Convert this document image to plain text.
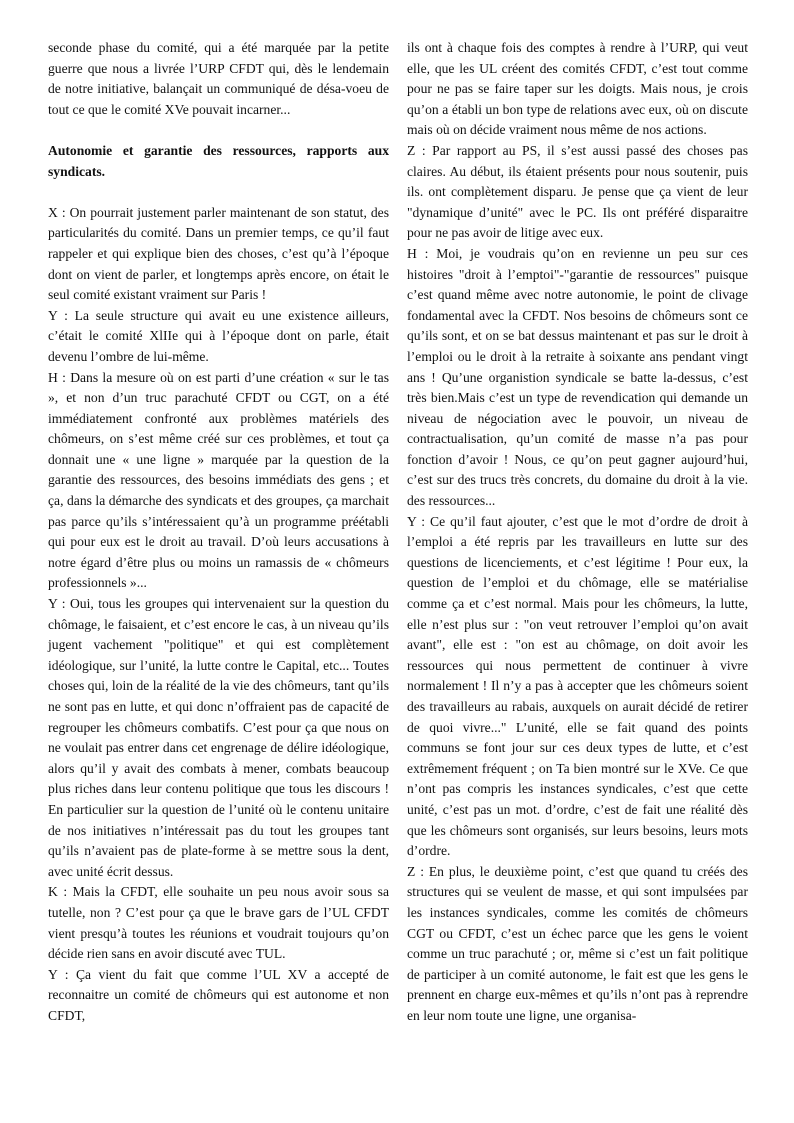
seconde phase du comité, qui a été marquée par la petite guerre que nous a livrée l’URP CFDT qui, dès le lendemain de notre initiative, balançait un communiqué de désa-voeu de tout ce que le comité XVe pouvait incarner...

Autonomie et garantie des ressources, rapports aux syndicats.

X : On pourrait justement parler maintenant de son statut, des particularités du comité. Dans un premier temps, ce qu’il faut rappeler et qui explique bien des choses, c’est qu’à l’époque dont on vient de parler, et longtemps après encore, on était le seul comité existant vraiment sur Paris !

Y : La seule structure qui avait eu une existence ailleurs, c’était le comité XlIIe qui à l’époque dont on parle, était devenu l’ombre de lui-même.

H : Dans la mesure où on est parti d’une création « sur le tas », et non d’un truc parachuté CFDT ou CGT, on a été immédiatement confronté aux problèmes matériels des chômeurs, on s’est même créé sur ces problèmes, et tout ça donnait une « une ligne » marquée par la question de la garantie des ressources, des besoins immédiats des gens ; et ça, dans la démarche des syndicats et des groupes, ça marchait pas parce qu’ils s’intéressaient qu’à un programme préétabli qui pour eux est le droit au travail. D’où leurs accusations à notre égard d’être plus ou moins un ramassis de « chômeurs professionnels »...

Y : Oui, tous les groupes qui intervenaient sur la question du chômage, le faisaient, et c’est encore le cas, à un niveau qu’ils jugent vachement "politique" et qui est complètement idéologique, sur l’unité, la lutte contre le Capital, etc... Toutes choses qui, loin de la réalité de la vie des chômeurs, tant qu’ils ne sont pas en lutte, et qui donc n’offraient pas de capacité de regrouper les chômeurs combatifs. C’est pour ça que nous on ne voulait pas entrer dans cet engrenage de délire idéologique, alors qu’il y avait des combats à mener, combats beaucoup plus riches dans leur contenu politique que tous les discours ! En particulier sur la question de l’unité où le contenu unitaire de nos initiatives n’intéressait pas du tout les groupes tant qu’ils n’avaient pas de plate-forme à se mettre sous la dent, avec unité écrit dessus.

K : Mais la CFDT, elle souhaite un peu nous avoir sous sa tutelle, non ? C’est pour ça que le brave gars de l’UL CFDT vient presqu’à toutes les réunions et voudrait toujours qu’on décide rien sans en avoir discuté avec TUL.

Y : Ça vient du fait que comme l’UL XV a accepté de reconnaitre un comité de chômeurs qui est autonome et non CFDT,

ils ont à chaque fois des comptes à rendre à l’URP, qui veut elle, que les UL créent des comités CFDT, c’est tout comme pour ne pas se faire taper sur les doigts. Mais nous, je crois qu’on a établi un bon type de relations avec eux, où on discute mais où on décide vraiment nous même de nos actions.

Z : Par rapport au PS, il s’est aussi passé des choses pas claires. Au début, ils étaient présents pour nous soutenir, puis ils. ont complètement disparu. Je pense que ça vient de leur "dynamique d’unité" avec le PC. Ils ont préféré disparaitre pour ne pas avoir de litige avec eux.

H : Moi, je voudrais qu’on en revienne un peu sur ces histoires "droit à l’emptoi"-"garantie de ressources" puisque c’est quand même avec notre autonomie, le point de clivage fondamental avec la CFDT. Nos besoins de chômeurs sont ce qu’ils sont, et on se bat dessus maintenant et pas sur le droit à l’emploi ou le droit à la retraite à soixante ans pendant vingt ans ! Qu’une organistion syndicale se batte la-dessus, c’est très bien.Mais c’est un type de revendication qui demande un niveau de négociation avec le pouvoir, un niveau de contractualisation, qu’un comité de masse n’a pas pour fonction d’avoir ! Nous, ce qu’on peut gagner aujourd’hui, c’est sur des trucs très concrets, du domaine du droit à la vie. des ressources...

Y : Ce qu’il faut ajouter, c’est que le mot d’ordre de droit à l’emploi a été repris par les travailleurs en lutte sur des questions de licenciements, et c’est légitime ! Pour eux, la question de l’emploi et du chômage, elle se matérialise comme ça et c’est normal. Mais pour les chômeurs, la lutte, elle n’est plus sur : "on veut retrouver l’emploi qu’on avait avant", elle est : "on est au chômage, on doit avoir les ressources qui nous permettent de continuer à vivre normalement ! Il n’y a pas à accepter que les chômeurs soient des travailleurs au rabais, auxquels on aurait décidé de retirer de quoi vivre..." L’unité, elle se fait quand des points communs se font jour sur ces deux types de lutte, et c’est extrêmement fréquent ; on Ta bien montré sur le XVe. Ce que n’ont pas compris les instances syndicales, c’est que cette unité, c’est pas un mot. d’ordre, c’est de fait une réalité dès que les chômeurs sont organisés, sur leurs besoins, leurs mots d’ordre.

Z : En plus, le deuxième point, c’est que quand tu créés des structures qui se veulent de masse, et qui sont impulsées par les instances syndicales, comme les comités de chômeurs CGT ou CFDT, c’est un échec parce que les gens le voient comme un truc parachuté ; or, même si c’est un fait politique de participer à un comité autonome, le fait est que les gens le prennent en charge eux-mêmes et qu’ils n’ont pas à reprendre en leur nom toute une ligne, une organisa-
